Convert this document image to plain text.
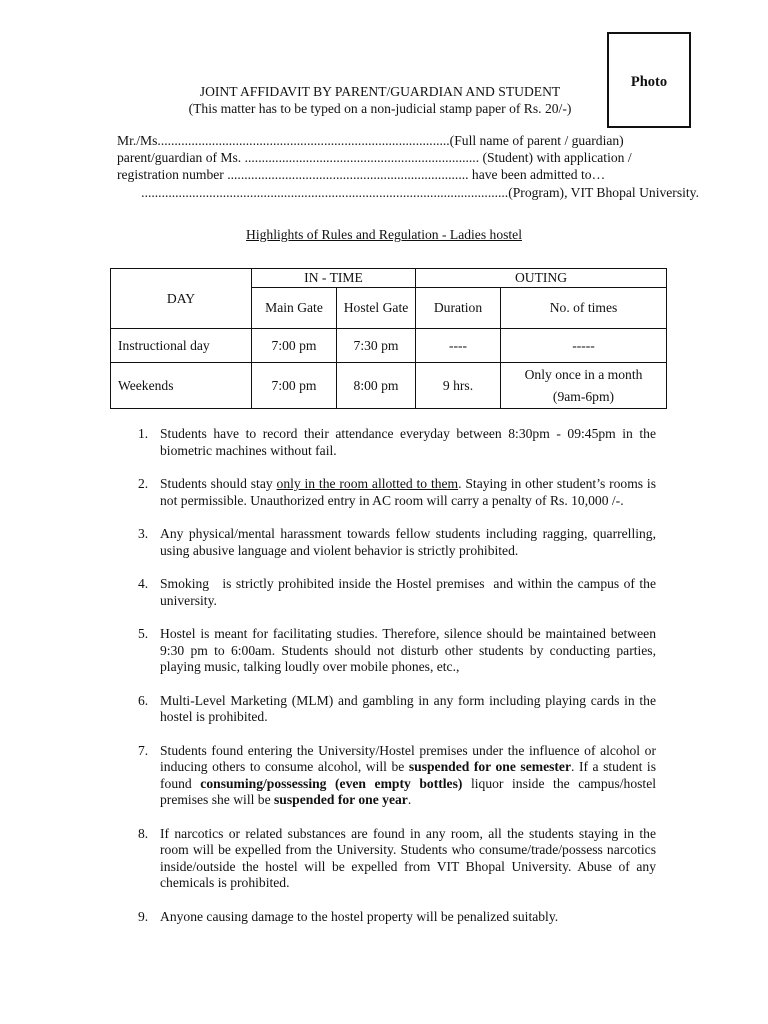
Photo
JOINT AFFIDAVIT BY PARENT/GUARDIAN AND STUDENT
(This matter has to be typed on a non-judicial stamp paper of Rs. 20/-)
Mr./Ms......................................................................................(Full name of parent / guardian)
parent/guardian of Ms. ..................................................................... (Student) with application /
registration number ....................................................................... have been admitted to…
............................................................................................................(Program), VIT Bhopal University.
Highlights of Rules and Regulation - Ladies hostel
DAY	IN - TIME		OUTING	
	Main Gate	Hostel Gate	Duration	No. of times
Instructional day	7:00 pm	7:30 pm	----	-----

Weekends	7:00 pm	8:00 pm	9 hrs.	Only once in a month
(9am-6pm)
1. Students have to record their attendance everyday between 8:30pm - 09:45pm in the biometric machines without fail.
2. Students should stay only in the room allotted to them. Staying in other student’s rooms is not permissible. Unauthorized entry in AC room will carry a penalty of Rs. 10,000 /-.
3. Any physical/mental harassment towards fellow students including ragging, quarrelling, using abusive language and violent behavior is strictly prohibited.
4. Smoking   is strictly prohibited inside the Hostel premises  and within the campus of the university.
5. Hostel is meant for facilitating studies. Therefore, silence should be maintained between 9:30 pm to 6:00am. Students should not disturb other students by conducting parties, playing music, talking loudly over mobile phones, etc.,
6. Multi-Level Marketing (MLM) and gambling in any form including playing cards in the hostel is prohibited.
7. Students found entering the University/Hostel premises under the influence of alcohol or inducing others to consume alcohol, will be suspended for one semester. If a student is found consuming/possessing (even empty bottles) liquor inside the campus/hostel premises she will be suspended for one year.
8. If narcotics or related substances are found in any room, all the students staying in the room will be expelled from the University. Students who consume/trade/possess narcotics inside/outside the hostel will be expelled from VIT Bhopal University. Abuse of any chemicals is prohibited.
9. Anyone causing damage to the hostel property will be penalized suitably.
